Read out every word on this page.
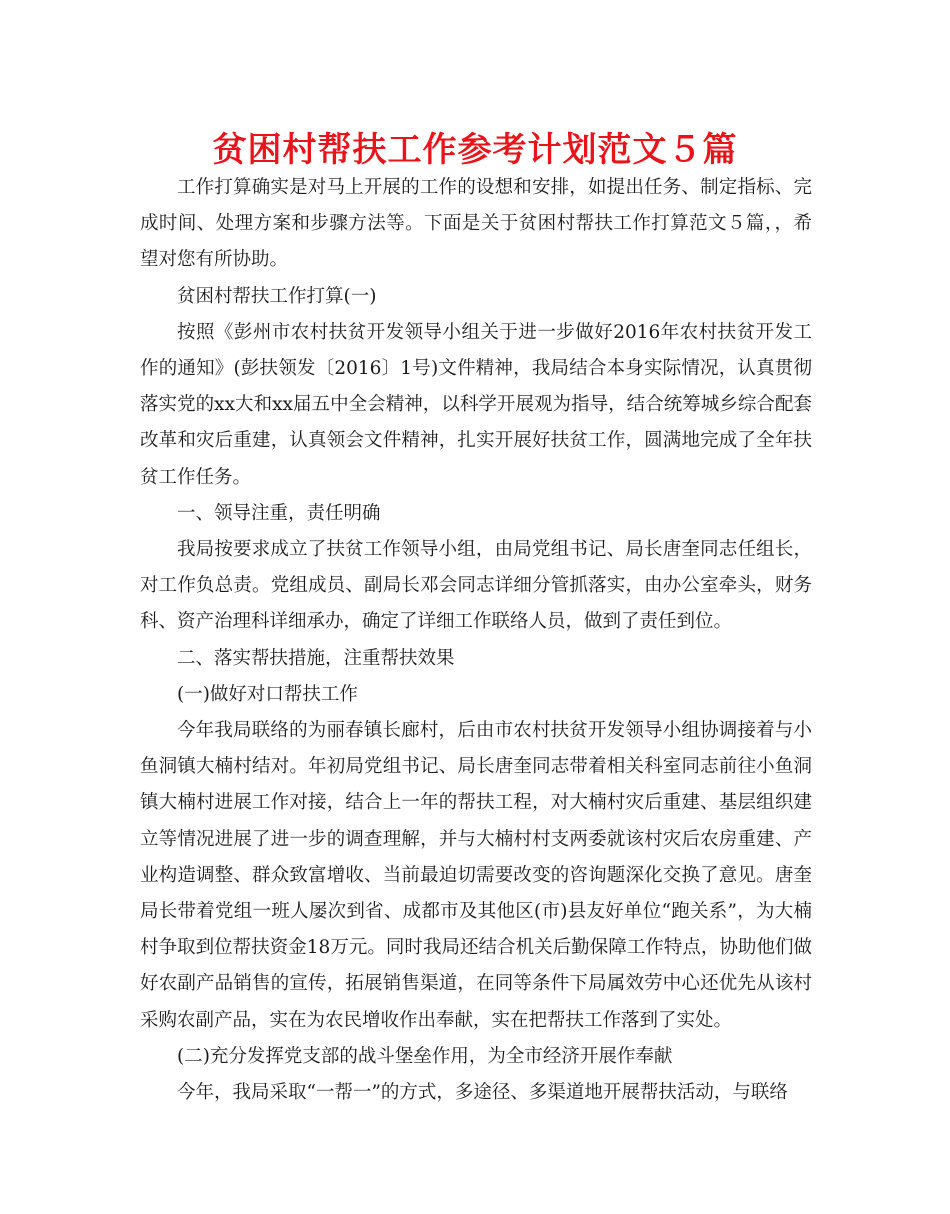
贫困村帮扶工作参考计划范文５篇

工作打算确实是对马上开展的工作的设想和安排，如提出任务、制定指标、完成时间、处理方案和步骤方法等。下面是关于贫困村帮扶工作打算范文５篇，，希望对您有所协助。

贫困村帮扶工作打算(一)

按照《彭州市农村扶贫开发领导小组关于进一步做好2016年农村扶贫开发工作的通知》(彭扶领发〔2016〕1号)文件精神，我局结合本身实际情况，认真贯彻落实党的xx大和xx届五中全会精神，以科学开展观为指导，结合统筹城乡综合配套改革和灾后重建，认真领会文件精神，扎实开展好扶贫工作，圆满地完成了全年扶贫工作任务。

一、领导注重，责任明确

我局按要求成立了扶贫工作领导小组，由局党组书记、局长唐奎同志任组长，对工作负总责。党组成员、副局长邓会同志详细分管抓落实，由办公室牵头，财务科、资产治理科详细承办，确定了详细工作联络人员，做到了责任到位。

二、落实帮扶措施，注重帮扶效果

(一)做好对口帮扶工作

今年我局联络的为丽春镇长廊村，后由市农村扶贫开发领导小组协调接着与小鱼洞镇大楠村结对。年初局党组书记、局长唐奎同志带着相关科室同志前往小鱼洞镇大楠村进展工作对接，结合上一年的帮扶工程，对大楠村灾后重建、基层组织建立等情况进展了进一步的调查理解，并与大楠村村支两委就该村灾后农房重建、产业构造调整、群众致富增收、当前最迫切需要改变的咨询题深化交换了意见。唐奎局长带着党组一班人屡次到省、成都市及其他区(市)县友好单位“跑关系”，为大楠村争取到位帮扶资金18万元。同时我局还结合机关后勤保障工作特点，协助他们做好农副产品销售的宣传，拓展销售渠道，在同等条件下局属效劳中心还优先从该村采购农副产品，实在为农民增收作出奉献，实在把帮扶工作落到了实处。

(二)充分发挥党支部的战斗堡垒作用，为全市经济开展作奉献

今年，我局采取“一帮一”的方式，多途径、多渠道地开展帮扶活动，与联络
